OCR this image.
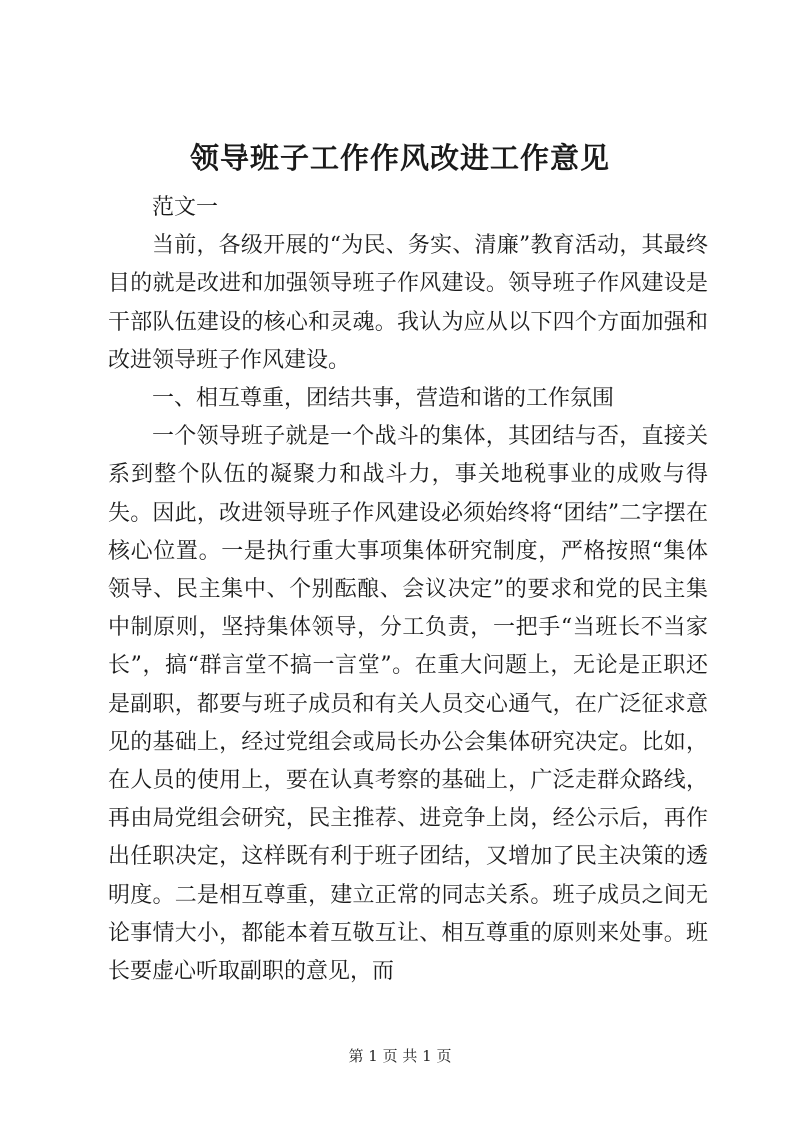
领导班子工作作风改进工作意见

范文一

当前，各级开展的“为民、务实、清廉”教育活动，其最终目的就是改进和加强领导班子作风建设。领导班子作风建设是干部队伍建设的核心和灵魂。我认为应从以下四个方面加强和改进领导班子作风建设。

一、相互尊重，团结共事，营造和谐的工作氛围

一个领导班子就是一个战斗的集体，其团结与否，直接关系到整个队伍的凝聚力和战斗力，事关地税事业的成败与得失。因此，改进领导班子作风建设必须始终将“团结”二字摆在核心位置。一是执行重大事项集体研究制度，严格按照“集体领导、民主集中、个别酝酿、会议决定”的要求和党的民主集中制原则，坚持集体领导，分工负责，一把手“当班长不当家长”，搞“群言堂不搞一言堂”。在重大问题上，无论是正职还是副职，都要与班子成员和有关人员交心通气，在广泛征求意见的基础上，经过党组会或局长办公会集体研究决定。比如，在人员的使用上，要在认真考察的基础上，广泛走群众路线，再由局党组会研究，民主推荐、进竞争上岗，经公示后，再作出任职决定，这样既有利于班子团结，又增加了民主决策的透明度。二是相互尊重，建立正常的同志关系。班子成员之间无论事情大小，都能本着互敬互让、相互尊重的原则来处事。班长要虚心听取副职的意见，而

第 1 页 共 1 页
